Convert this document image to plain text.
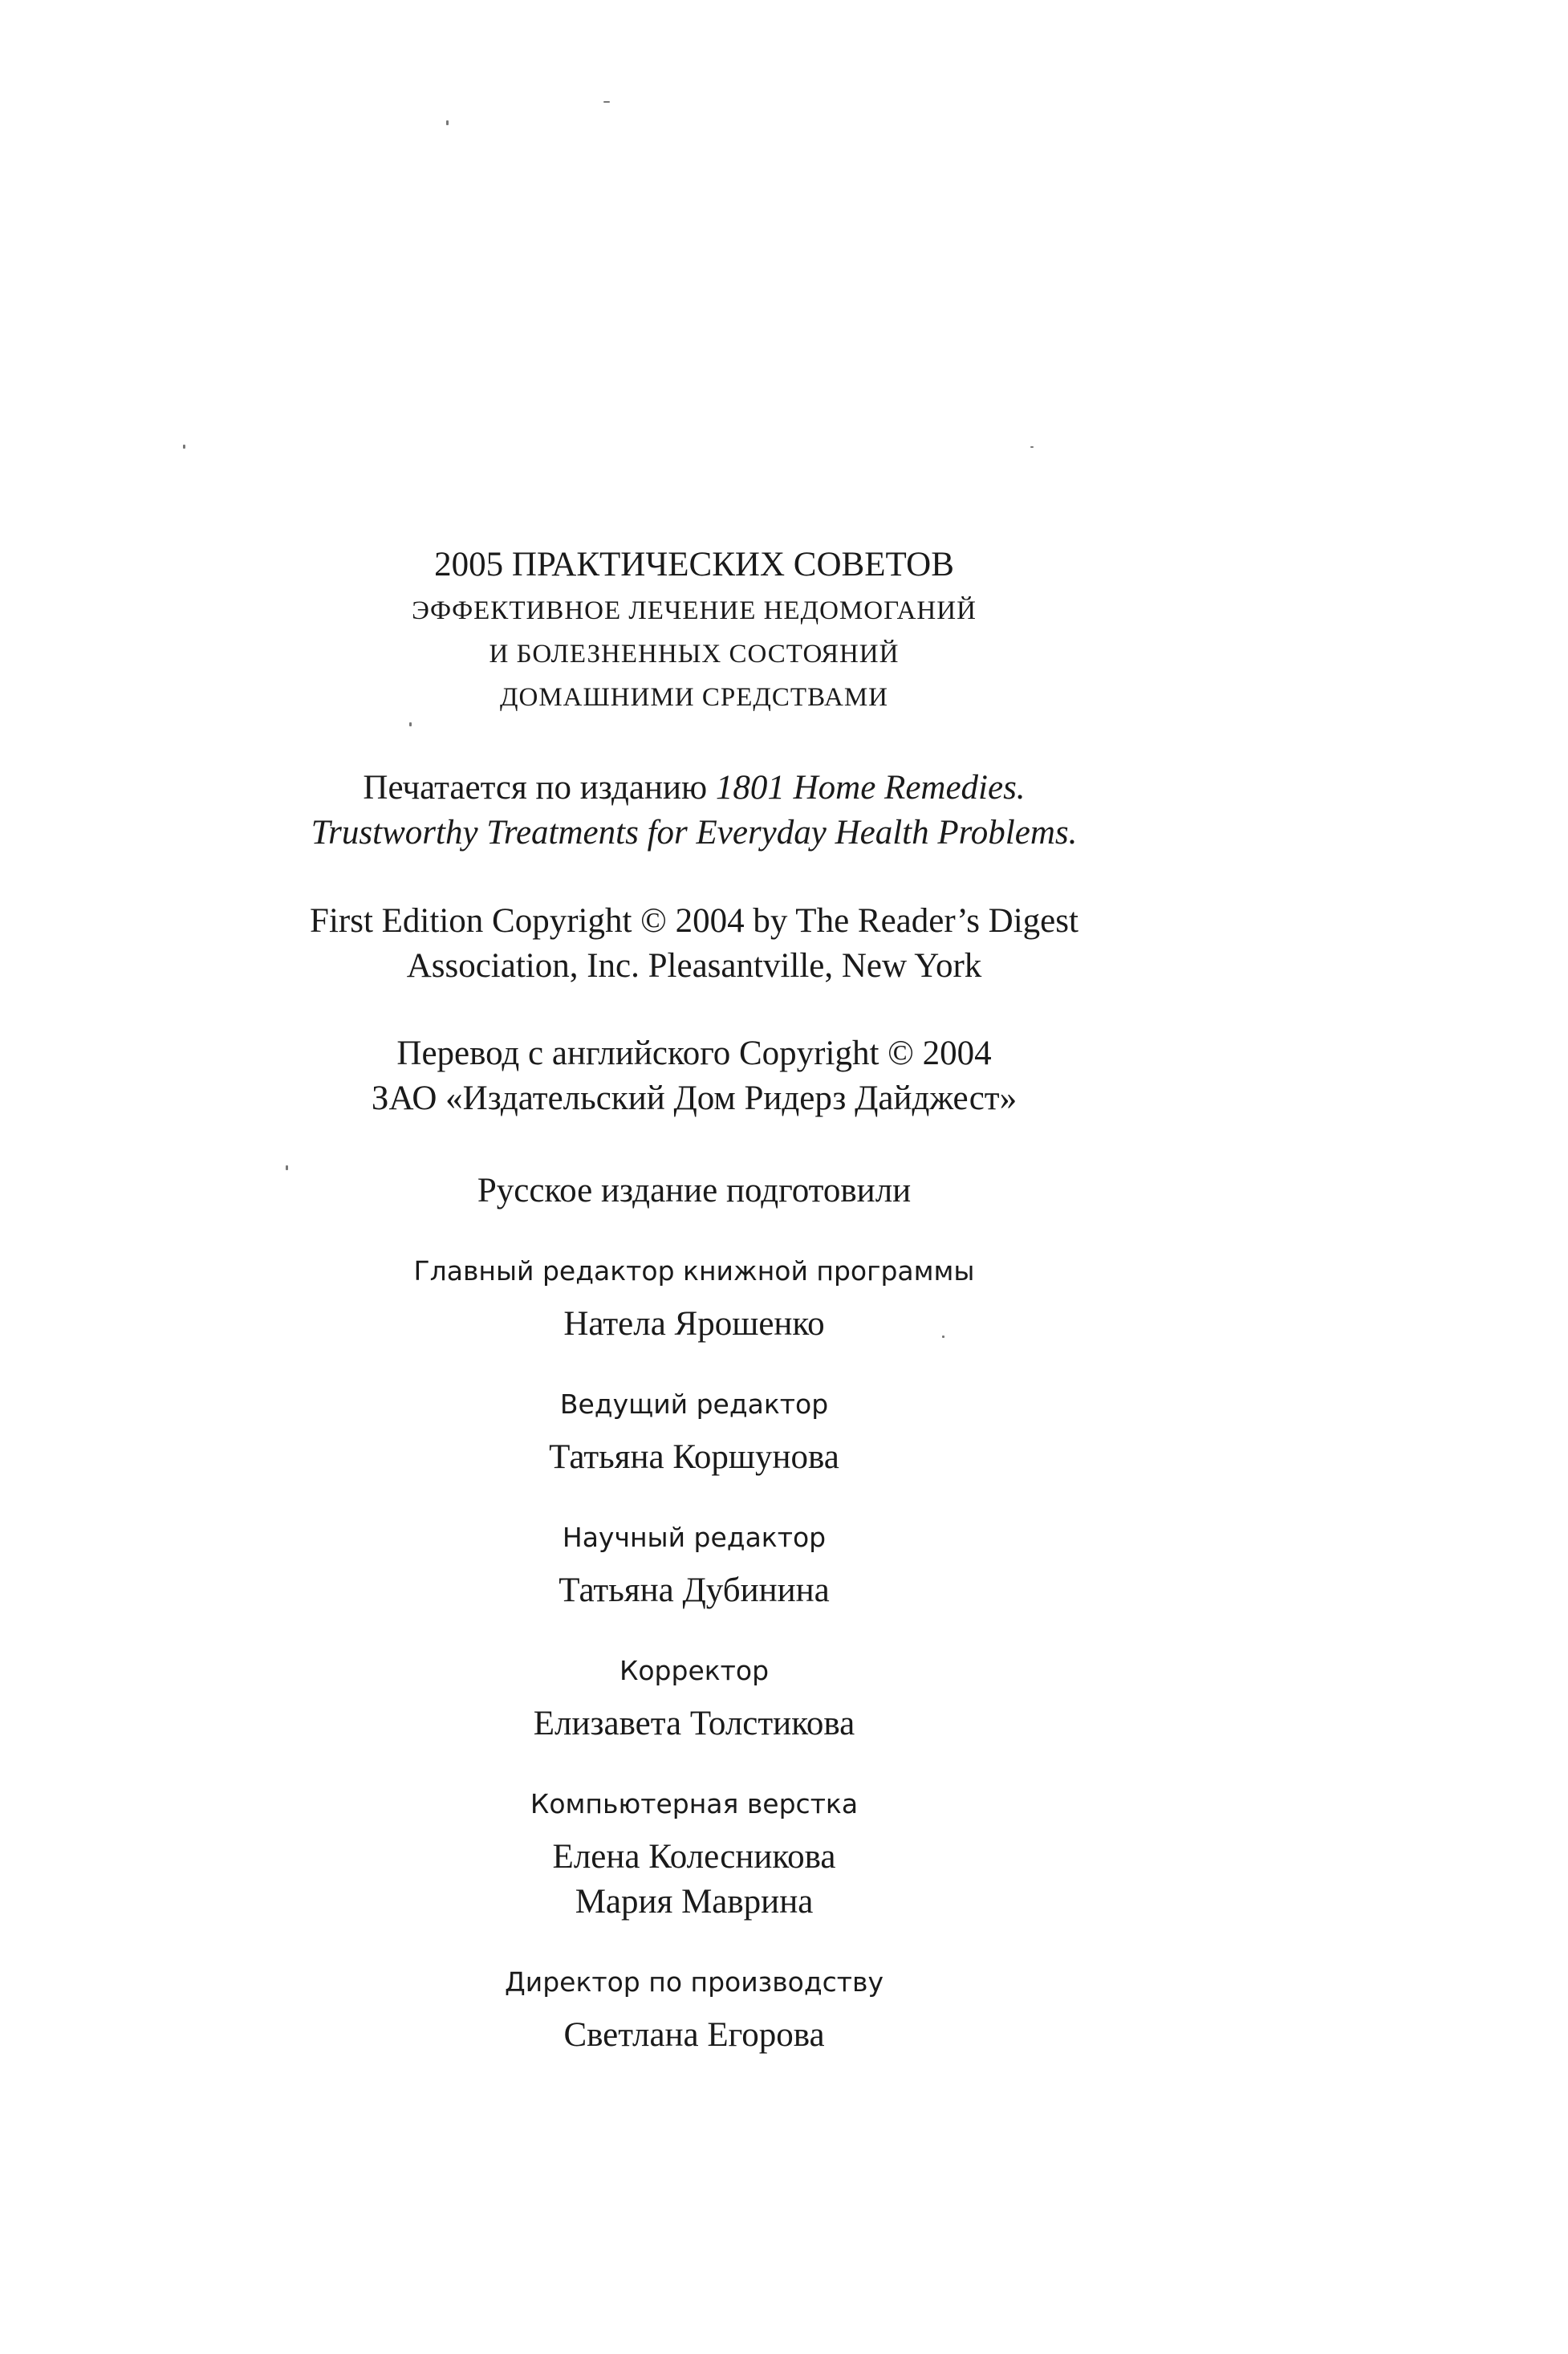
2005 ПРАКТИЧЕСКИХ СОВЕТОВ
ЭФФЕКТИВНОЕ ЛЕЧЕНИЕ НЕДОМОГАНИЙ
И БОЛЕЗНЕННЫХ СОСТОЯНИЙ
ДОМАШНИМИ СРЕДСТВАМИ
Печатается по изданию 1801 Home Remedies.
Trustworthy Treatments for Everyday Health Problems.
First Edition Copyright © 2004 by The Reader’s Digest
Association, Inc. Pleasantville, New York
Перевод с английского Copyright © 2004
ЗАО «Издательский Дом Ридерз Дайджест»
Русское издание подготовили
Главный редактор книжной программы
Натела Ярошенко
Ведущий редактор
Татьяна Коршунова
Научный редактор
Татьяна Дубинина
Корректор
Елизавета Толстикова
Компьютерная верстка
Елена Колесникова
Мария Маврина
Директор по производству
Светлана Егорова
